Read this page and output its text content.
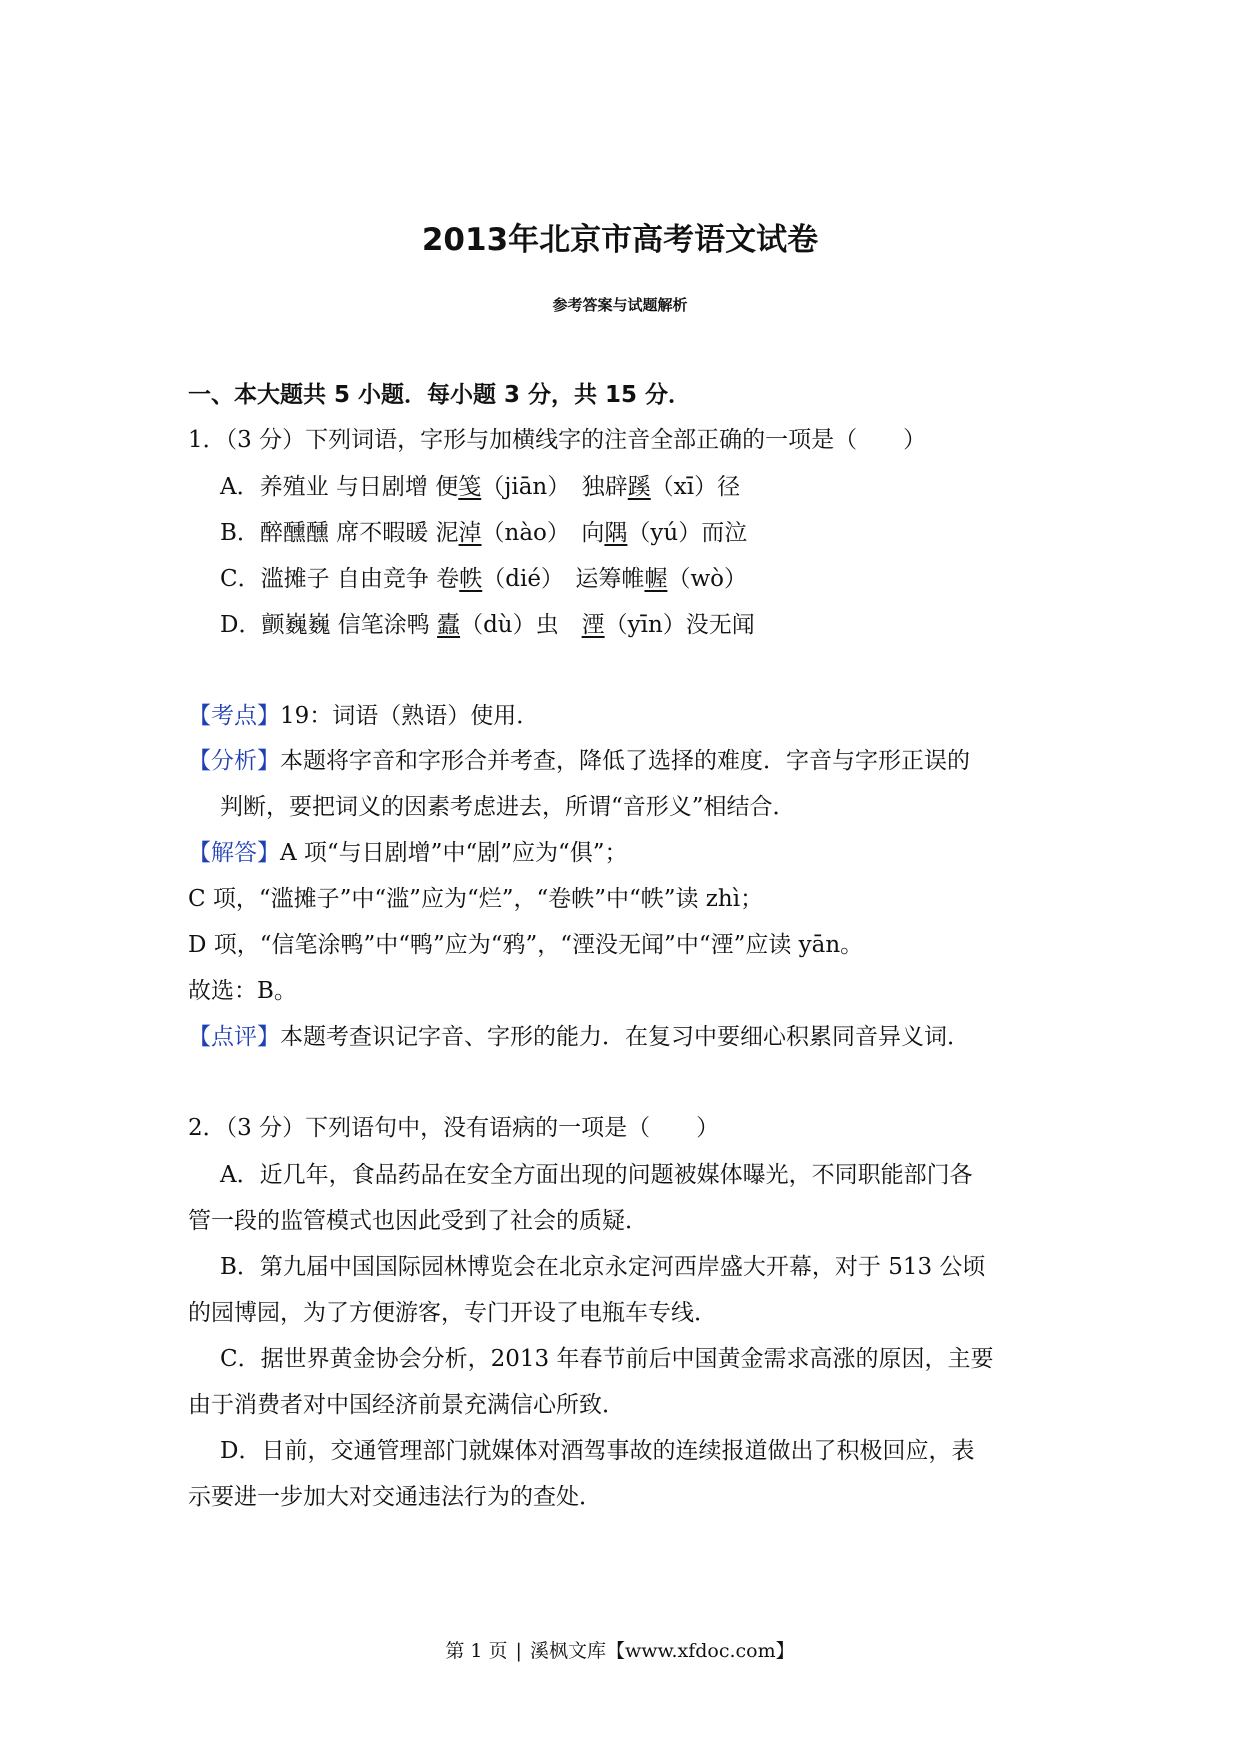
2013年北京市高考语文试卷
参考答案与试题解析
一、本大题共 5 小题．每小题 3 分，共 15 分．
1．（3 分）下列词语，字形与加横线字的注音全部正确的一项是（　　）
A．养殖业 与日剧增 便笺（jiān）　独辟蹊（xī）径
B．醉醺醺 席不暇暖 泥淖（nào）　向隅（yú）而泣
C．滥摊子 自由竞争 卷帙（dié）　运筹帷幄（wò）
D．颤巍巍 信笔涂鸭 蠹（dù）虫　湮（yīn）没无闻
【考点】19：词语（熟语）使用．
【分析】本题将字音和字形合并考查，降低了选择的难度．字音与字形正误的
判断，要把词义的因素考虑进去，所谓“音形义”相结合．
【解答】A 项“与日剧增”中“剧”应为“俱”；
C 项，“滥摊子”中“滥”应为“烂”，“卷帙”中“帙”读 zhì；
D 项，“信笔涂鸭”中“鸭”应为“鸦”，“湮没无闻”中“湮”应读 yān。
故选：B。
【点评】本题考查识记字音、字形的能力．在复习中要细心积累同音异义词．
2．（3 分）下列语句中，没有语病的一项是（　　）
A．近几年，食品药品在安全方面出现的问题被媒体曝光，不同职能部门各
管一段的监管模式也因此受到了社会的质疑．
B．第九届中国国际园林博览会在北京永定河西岸盛大开幕，对于 513 公顷
的园博园，为了方便游客，专门开设了电瓶车专线．
C．据世界黄金协会分析，2013 年春节前后中国黄金需求高涨的原因，主要
由于消费者对中国经济前景充满信心所致．
D．日前，交通管理部门就媒体对酒驾事故的连续报道做出了积极回应，表
示要进一步加大对交通违法行为的查处．
第 1 页 | 溪枫文库【www.xfdoc.com】
